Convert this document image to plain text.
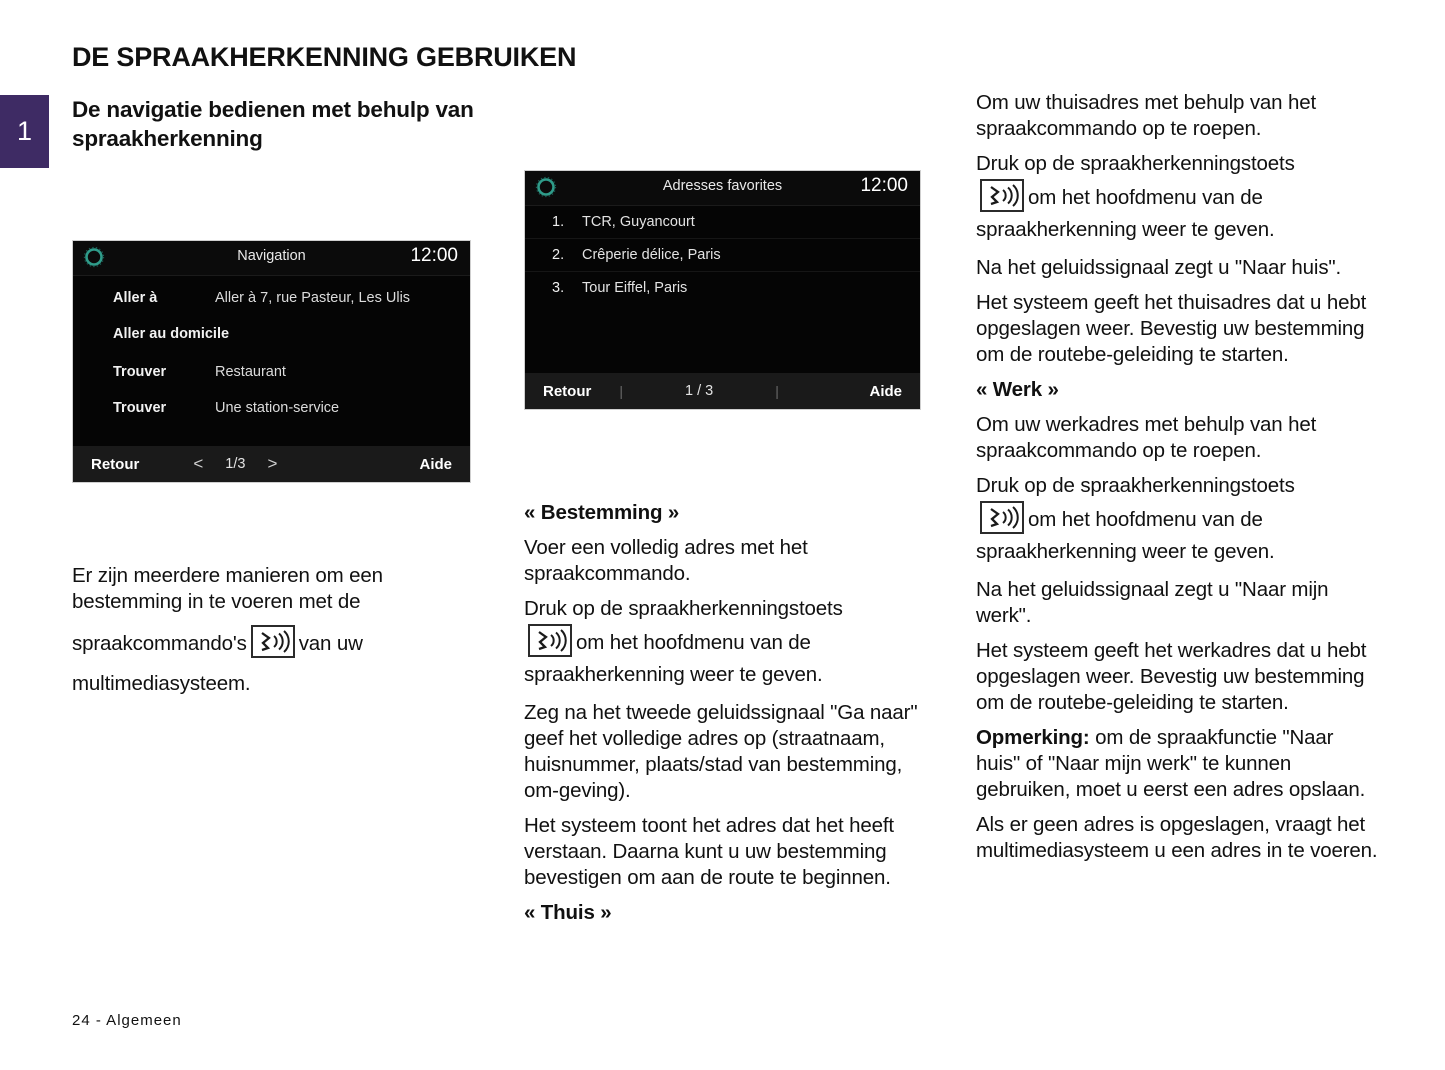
DE SPRAAKHERKENNING GEBRUIKEN
1
De navigatie bedienen met behulp van spraakherkenning
Navigation	12:00
Aller à	Aller à 7, rue Pasteur, Les Ulis
Aller au domicile
Trouver	Restaurant
Trouver	Une station-service
Retour	< 1/3 >	Aide
Adresses favorites	12:00
1.	TCR, Guyancourt
2.	Crêperie délice, Paris
3.	Tour Eiffel, Paris
Retour |	1 / 3	|	Aide

Er zijn meerdere manieren om een bestemming in te voeren met de

spraakcommando's	van uw multimediasysteem.

« Bestemming »

Voer een volledig adres met het spraakcommando.

Druk op de spraakherkenningstoets

om het hoofdmenu van de spraakherkenning weer te geven.

Zeg na het tweede geluidssignaal "Ga naar" geef het volledige adres op (straatnaam, huisnummer, plaats/stad van bestemming, om-geving).

Het systeem toont het adres dat het heeft verstaan. Daarna kunt u uw bestemming bevestigen om aan de route te beginnen.

« Thuis »

Om uw thuisadres met behulp van het spraakcommando op te roepen.

Druk op de spraakherkenningstoets

om het hoofdmenu van de spraakherkenning weer te geven.

Na het geluidssignaal zegt u "Naar huis".

Het systeem geeft het thuisadres dat u hebt opgeslagen weer. Bevestig uw bestemming om de routebe-geleiding te starten.

« Werk »

Om uw werkadres met behulp van het spraakcommando op te roepen.

Druk op de spraakherkenningstoets

om het hoofdmenu van de spraakherkenning weer te geven.

Na het geluidssignaal zegt u "Naar mijn werk".

Het systeem geeft het werkadres dat u hebt opgeslagen weer. Bevestig uw bestemming om de routebe-geleiding te starten.

Opmerking: om de spraakfunctie "Naar huis" of "Naar mijn werk" te kunnen gebruiken, moet u eerst een adres opslaan.

Als er geen adres is opgeslagen, vraagt het multimediasysteem u een adres in te voeren.

24 - Algemeen
